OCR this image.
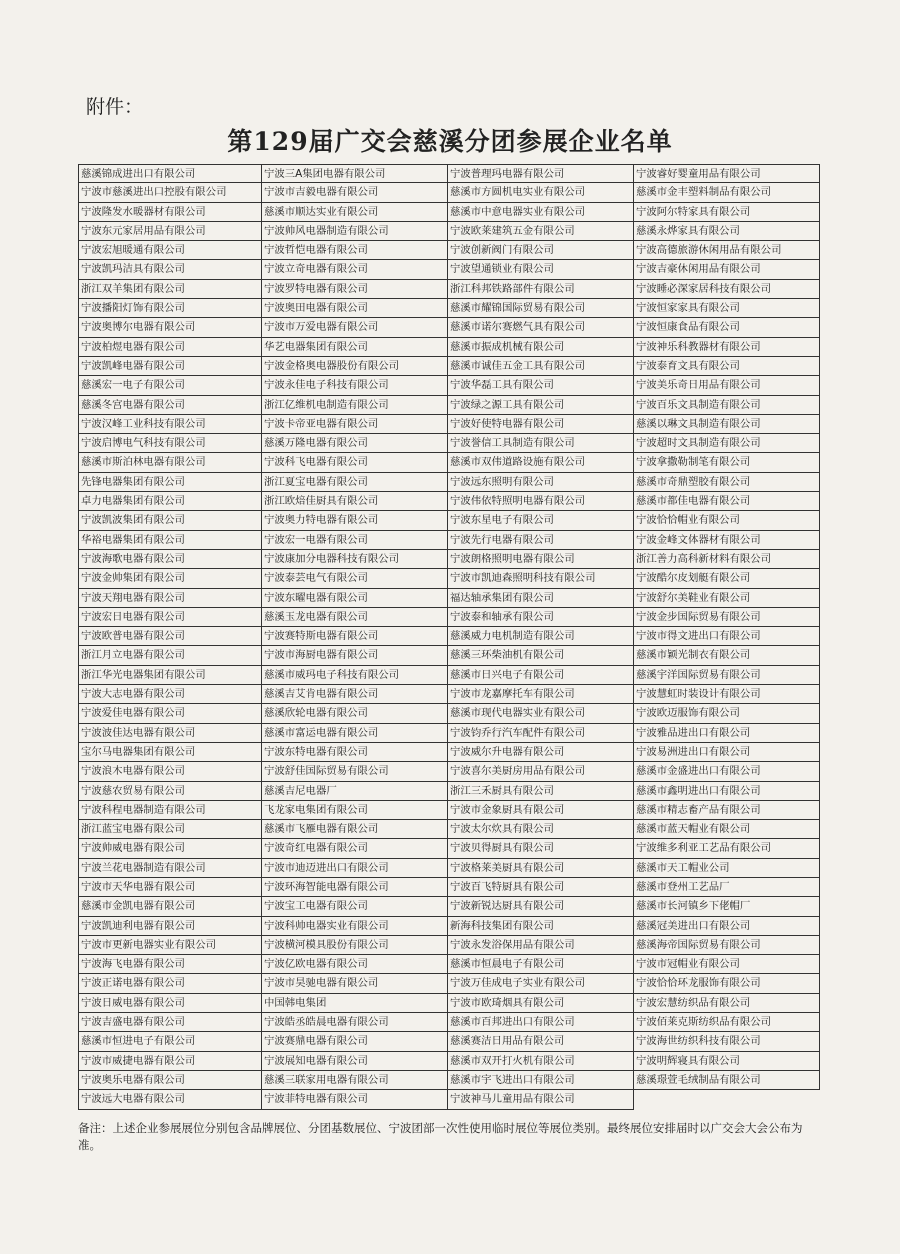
附件：
第129届广交会慈溪分团参展企业名单
慈溪锦成进出口有限公司
宁波市慈溪进出口控股有限公司
宁波隆发水暖器材有限公司
宁波东元家居用品有限公司
宁波宏旭暖通有限公司
宁波凯玛洁具有限公司
浙江双羊集团有限公司
宁波播阳灯饰有限公司
宁波奥博尔电器有限公司
宁波柏煜电器有限公司
宁波凯峰电器有限公司
慈溪宏一电子有限公司
慈溪冬宫电器有限公司
宁波汉峰工业科技有限公司
宁波启博电气科技有限公司
慈溪市斯泊林电器有限公司
先锋电器集团有限公司
卓力电器集团有限公司
宁波凯波集团有限公司
华裕电器集团有限公司
宁波海歌电器有限公司
宁波金帅集团有限公司
宁波天翔电器有限公司
宁波宏日电器有限公司
宁波欧普电器有限公司
浙江月立电器有限公司
浙江华光电器集团有限公司
宁波大志电器有限公司
宁波爱佳电器有限公司
宁波波佳达电器有限公司
宝尔马电器集团有限公司
宁波浪木电器有限公司
宁波慈农贸易有限公司
宁波科程电器制造有限公司
浙江蓝宝电器有限公司
宁波帅威电器有限公司
宁波兰花电器制造有限公司
宁波市天华电器有限公司
慈溪市金凯电器有限公司
宁波凯迪利电器有限公司
宁波市更新电器实业有限公司
宁波海飞电器有限公司
宁波正诺电器有限公司
宁波日威电器有限公司
宁波吉盛电器有限公司
慈溪市恒进电子有限公司
宁波市威捷电器有限公司
宁波奥乐电器有限公司
宁波远大电器有限公司
宁波三A集团电器有限公司
宁波市吉毅电器有限公司
慈溪市顺达实业有限公司
宁波帅风电器制造有限公司
宁波哲恺电器有限公司
宁波立奇电器有限公司
宁波罗特电器有限公司
宁波奥田电器有限公司
宁波市万爱电器有限公司
华艺电器集团有限公司
宁波金格奥电器股份有限公司
宁波永佳电子科技有限公司
浙江亿维机电制造有限公司
宁波卡帝亚电器有限公司
慈溪万隆电器有限公司
宁波科飞电器有限公司
浙江夏宝电器有限公司
浙江欧焙佳厨具有限公司
宁波奥力特电器有限公司
宁波宏一电器有限公司
宁波康加分电器科技有限公司
宁波泰芸电气有限公司
宁波东曜电器有限公司
慈溪玉龙电器有限公司
宁波赛特斯电器有限公司
宁波市海厨电器有限公司
慈溪市威玛电子科技有限公司
慈溪吉艾肯电器有限公司
慈溪欣轮电器有限公司
慈溪市富运电器有限公司
宁波东特电器有限公司
宁波舒佳国际贸易有限公司
慈溪吉尼电器厂
飞龙家电集团有限公司
慈溪市飞雁电器有限公司
宁波奇红电器有限公司
宁波市迪迈进出口有限公司
宁波环海智能电器有限公司
宁波宝工电器有限公司
宁波科帅电器实业有限公司
宁波横河模具股份有限公司
宁波亿欧电器有限公司
宁波市昊驰电器有限公司
中国韩电集团
宁波皓丞皓晨电器有限公司
宁波赛鼎电器有限公司
宁波展知电器有限公司
慈溪三联家用电器有限公司
宁波菲特电器有限公司
宁波普理玛电器有限公司
慈溪市方圆机电实业有限公司
慈溪市中意电器实业有限公司
宁波欧莱建筑五金有限公司
宁波创新阀门有限公司
宁波望通锁业有限公司
浙江科邦铁路部件有限公司
慈溪市耀锦国际贸易有限公司
慈溪市诺尔赛燃气具有限公司
慈溪市振成机械有限公司
慈溪市诚佳五金工具有限公司
宁波华磊工具有限公司
宁波绿之源工具有限公司
宁波好使特电器有限公司
宁波誉信工具制造有限公司
慈溪市双伟道路设施有限公司
宁波远东照明有限公司
宁波伟依特照明电器有限公司
宁波东星电子有限公司
宁波先行电器有限公司
宁波朗格照明电器有限公司
宁波市凯迪森照明科技有限公司
福达轴承集团有限公司
宁波泰和轴承有限公司
慈溪威力电机制造有限公司
慈溪三环柴油机有限公司
慈溪市日兴电子有限公司
宁波市龙嘉摩托车有限公司
慈溪市现代电器实业有限公司
宁波钧乔行汽车配件有限公司
宁波威尔升电器有限公司
宁波喜尔美厨房用品有限公司
浙江三禾厨具有限公司
宁波市金象厨具有限公司
宁波太尔炊具有限公司
宁波贝得厨具有限公司
宁波格莱美厨具有限公司
宁波百飞特厨具有限公司
宁波新锐达厨具有限公司
新海科技集团有限公司
宁波永发浴保用品有限公司
慈溪市恒晨电子有限公司
宁波万佳成电子实业有限公司
宁波市欧琦烟具有限公司
慈溪市百邦进出口有限公司
慈溪赛洁日用品有限公司
慈溪市双开打火机有限公司
慈溪市宇飞进出口有限公司
宁波神马儿童用品有限公司
宁波睿好婴童用品有限公司
慈溪市金丰塑料制品有限公司
宁波阿尔特家具有限公司
慈溪永烨家具有限公司
宁波高德旅游休闲用品有限公司
宁波吉豪休闲用品有限公司
宁波睡必深家居科技有限公司
宁波恒家家具有限公司
宁波恒康食品有限公司
宁波神乐科教器材有限公司
宁波泰育文具有限公司
宁波美乐奇日用品有限公司
宁波百乐文具制造有限公司
慈溪以琳文具制造有限公司
宁波超时文具制造有限公司
宁波拿撒勒制笔有限公司
慈溪市奇鼎塑胶有限公司
慈溪市都佳电器有限公司
宁波恰恰帽业有限公司
宁波金峰文体器材有限公司
浙江善力高科新材料有限公司
宁波酷尔皮划艇有限公司
宁波舒尔美鞋业有限公司
宁波金步国际贸易有限公司
宁波市得文进出口有限公司
慈溪市颖光制衣有限公司
慈溪宇洋国际贸易有限公司
宁波慧虹时装设计有限公司
宁波欧迈服饰有限公司
宁波雅品进出口有限公司
宁波易洲进出口有限公司
慈溪市金盛进出口有限公司
慈溪市鑫明进出口有限公司
慈溪市精志畜产品有限公司
慈溪市蓝天帽业有限公司
宁波维多利亚工艺品有限公司
慈溪市天工帽业公司
慈溪市登州工艺品厂
慈溪市长河镇乡下佬帽厂
慈溪冠美进出口有限公司
慈溪海帝国际贸易有限公司
宁波市冠帽业有限公司
宁波恰恰环龙服饰有限公司
宁波宏慧纺织品有限公司
宁波佰莱克斯纺织品有限公司
宁波海世纺织科技有限公司
宁波明辉寝具有限公司
慈溪璟萱毛绒制品有限公司
备注：上述企业参展展位分别包含品牌展位、分团基数展位、宁波团部一次性使用临时展位等展位类别。最终展位安排届时以广交会大会公布为准。
